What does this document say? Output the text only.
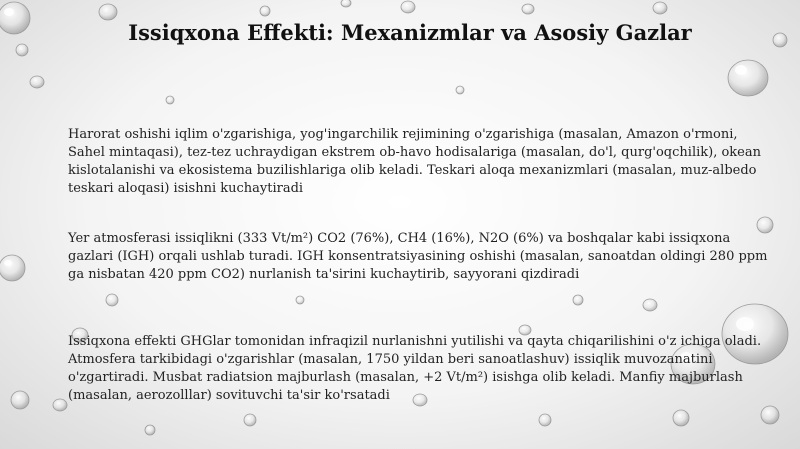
Issiqxona Effekti: Mexanizmlar va Asosiy Gazlar
Harorat oshishi iqlim o'zgarishiga, yog'ingarchilik rejimining o'zgarishiga (masalan, Amazon o'rmoni, Sahel mintaqasi), tez-tez uchraydigan ekstrem ob-havo hodisalariga (masalan, do'l, qurg'oqchilik), okean kislotalanishi va ekosistema buzilishlariga olib keladi. Teskari aloqa mexanizmlari (masalan, muz-albedo teskari aloqasi) isishni kuchaytiradi
Yer atmosferasi issiqlikni (333 Vt/m²) CO2 (76%), CH4 (16%), N2O (6%) va boshqalar kabi issiqxona gazlari (IGH) orqali ushlab turadi. IGH konsentratsiyasining oshishi (masalan, sanoatdan oldingi 280 ppm ga nisbatan 420 ppm CO2) nurlanish ta'sirini kuchaytirib, sayyorani qizdiradi
Issiqxona effekti GHGlar tomonidan infraqizil nurlanishni yutilishi va qayta chiqarilishini o'z ichiga oladi. Atmosfera tarkibidagi o'zgarishlar (masalan, 1750 yildan beri sanoatlashuv) issiqlik muvozanatini o'zgartiradi. Musbat radiatsion majburlash (masalan, +2 Vt/m²) isishga olib keladi. Manfiy majburlash (masalan, aerozolllar) sovituvchi ta'sir ko'rsatadi
